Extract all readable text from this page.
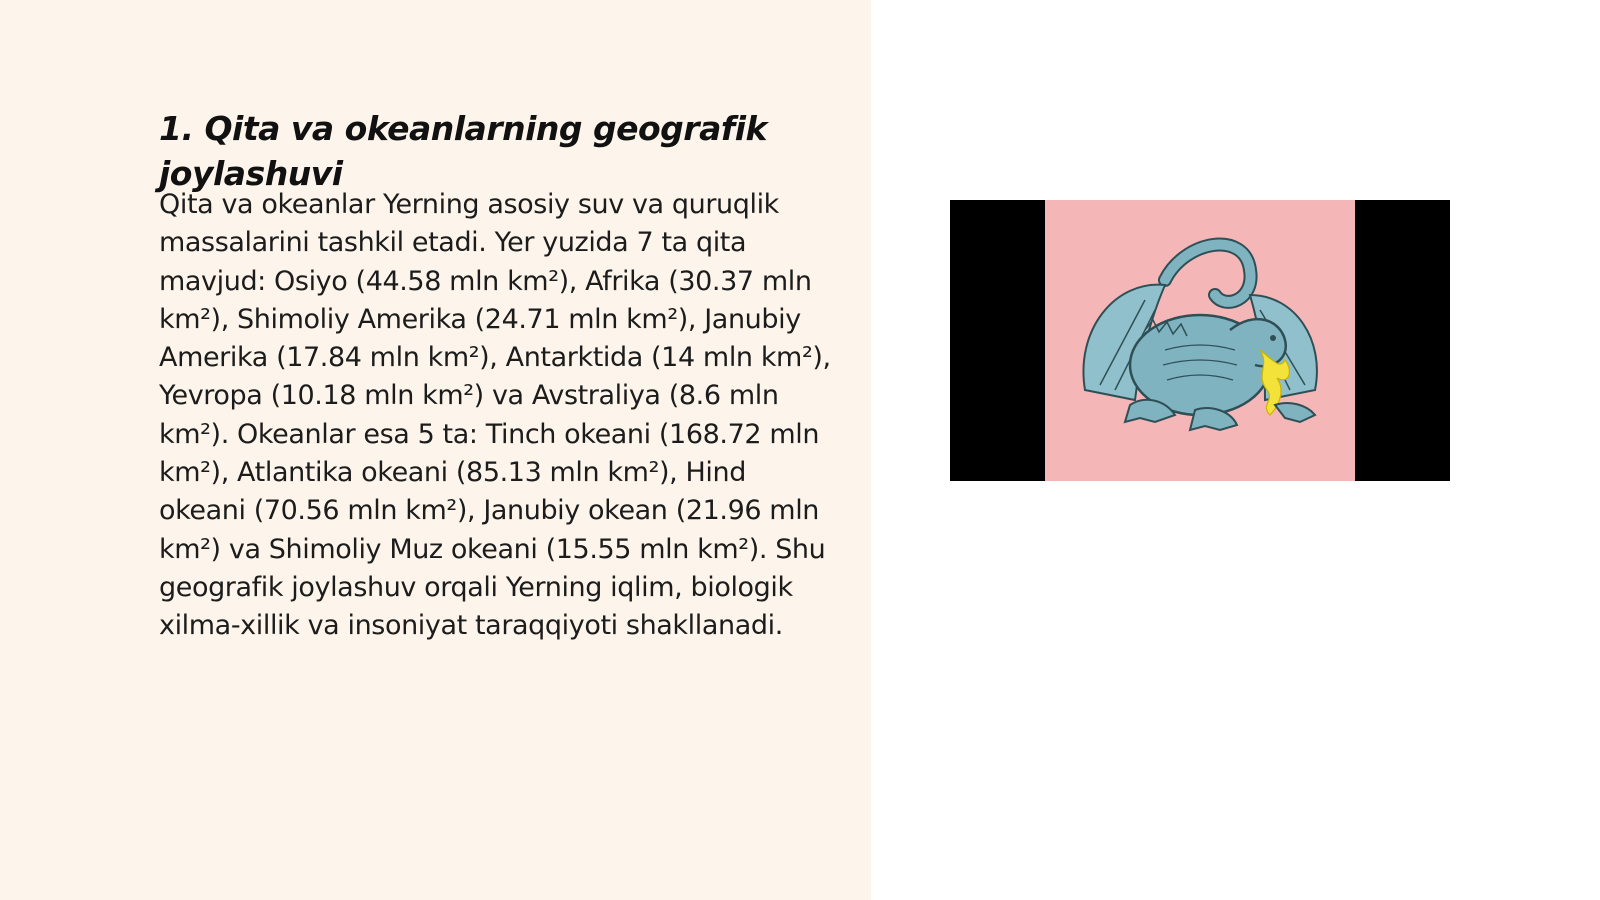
1. Qita va okeanlarning geografik joylashuvi

Qita va okeanlar Yerning asosiy suv va quruqlik massalarini tashkil etadi. Yer yuzida 7 ta qita mavjud: Osiyo (44.58 mln km²), Afrika (30.37 mln km²), Shimoliy Amerika (24.71 mln km²), Janubiy Amerika (17.84 mln km²), Antarktida (14 mln km²), Yevropa (10.18 mln km²) va Avstraliya (8.6 mln km²). Okeanlar esa 5 ta: Tinch okeani (168.72 mln km²), Atlantika okeani (85.13 mln km²), Hind okeani (70.56 mln km²), Janubiy okean (21.96 mln km²) va Shimoliy Muz okeani (15.55 mln km²). Shu geografik joylashuv orqali Yerning iqlim, biologik xilma-xillik va insoniyat taraqqiyoti shakllanadi.
